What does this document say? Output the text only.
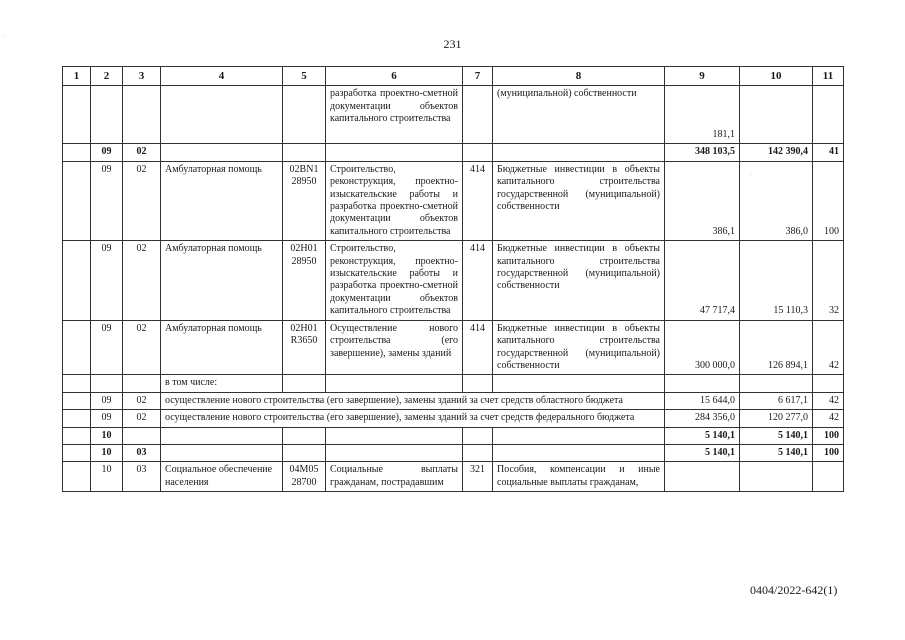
231
1	2	3	4	5	6	7	8	9	10	11
					разработка проектно-сметной документации объектов капитального строительства		(муниципальной) собственности	181,1		
	09	02						348 103,5	142 390,4	41
	09	02	Амбулаторная помощь	02BN1 28950	Строительство, реконструкция, проектно-изыскательские работы и разработка проектно-сметной документации объектов капитального строительства	414	Бюджетные инвестиции в объекты капитального строительства государственной (муниципальной) собственности	386,1	386,0	100
	09	02	Амбулаторная помощь	02Н01 28950	Строительство, реконструкция, проектно-изыскательские работы и разработка проектно-сметной документации объектов капитального строительства	414	Бюджетные инвестиции в объекты капитального строительства государственной (муниципальной) собственности	47 717,4	15 110,3	32
	09	02	Амбулаторная помощь	02Н01 R3650	Осуществление нового строительства (его завершение), замены зданий	414	Бюджетные инвестиции в объекты капитального строительства государственной (муниципальной) собственности	300 000,0	126 894,1	42
			в том числе:							
	09	02	осуществление нового строительства (его завершение), замены зданий за счет средств областного бюджета					15 644,0	6 617,1	42
	09	02	осуществление нового строительства (его завершение), замены зданий за счет средств федерального бюджета					284 356,0	120 277,0	42
	10							5 140,1	5 140,1	100
	10	03						5 140,1	5 140,1	100
	10	03	Социальное обеспечение населения	04М05 28700	Социальные выплаты гражданам, пострадавшим	321	Пособия, компенсации и иные социальные выплаты гражданам,			
0404/2022-642(1)
·
·
